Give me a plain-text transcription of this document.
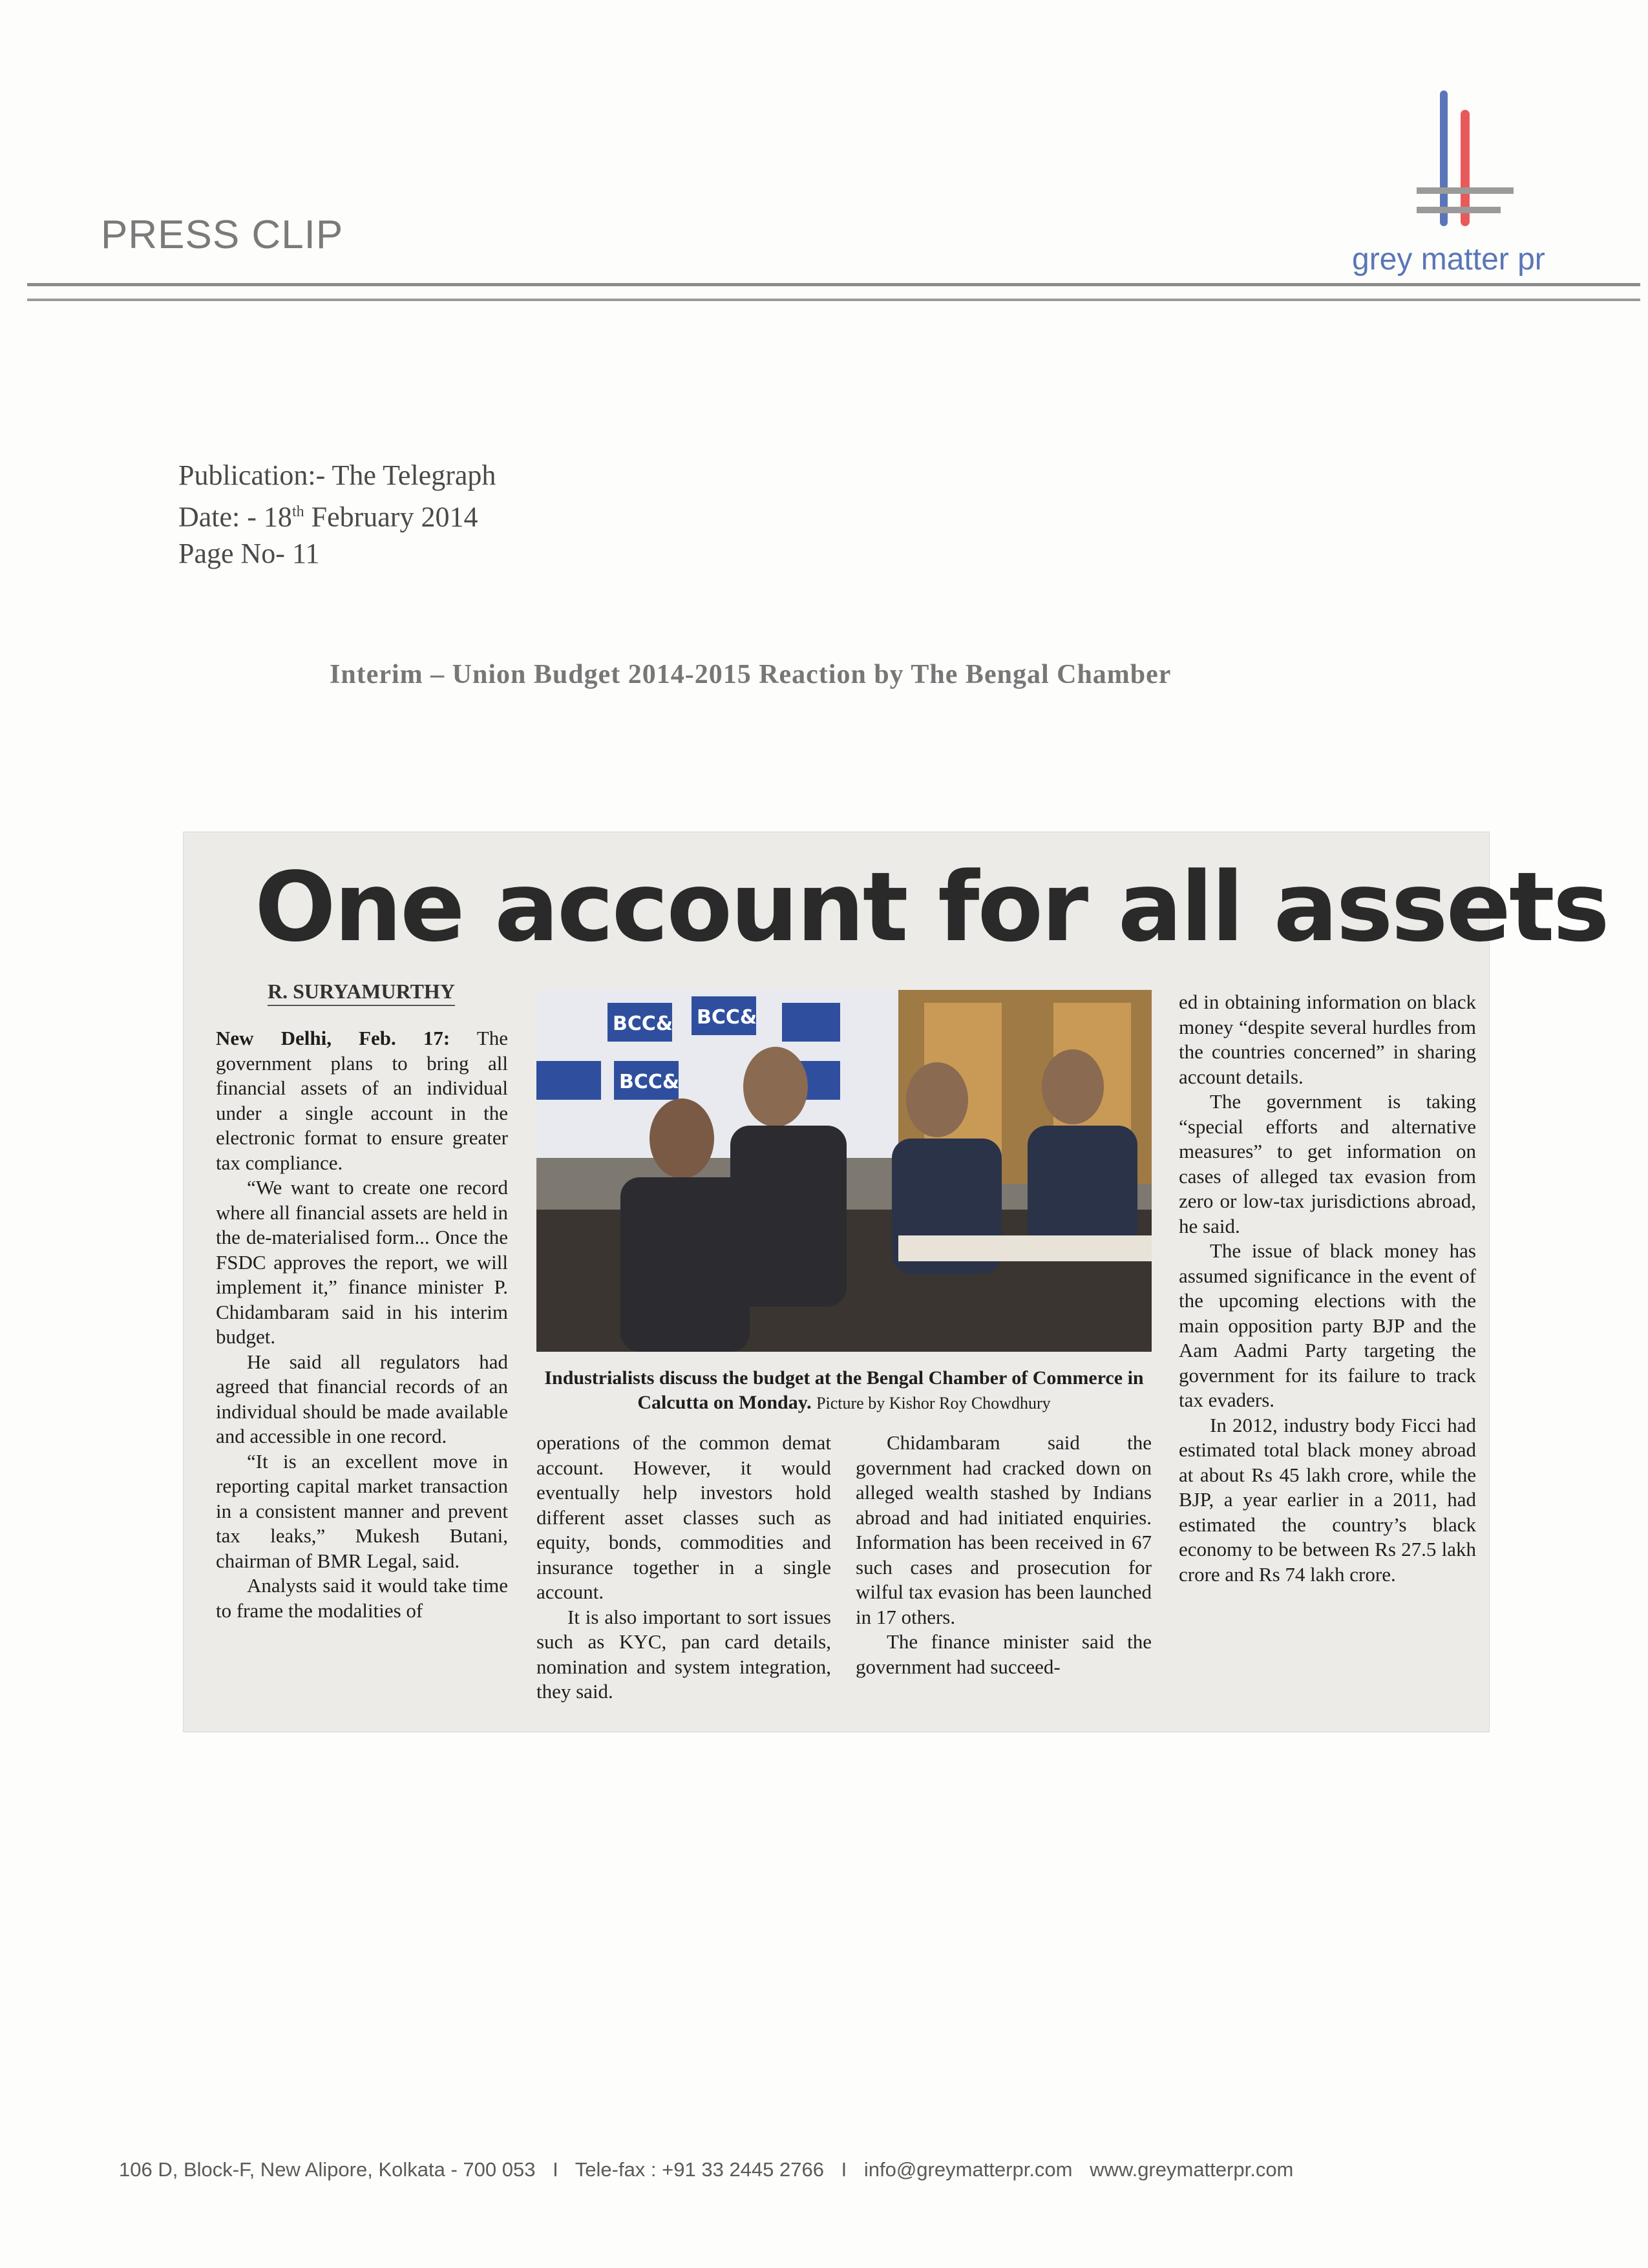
PRESS CLIP
grey matter pr
Publication:- The Telegraph
Date: - 18th February 2014
Page No- 11
Interim – Union Budget 2014-2015 Reaction by The Bengal Chamber
One account for all assets
R. SURYAMURTHY

New Delhi, Feb. 17: The government plans to bring all financial assets of an individual under a single account in the electronic format to ensure greater tax compliance.

“We want to create one record where all financial assets are held in the de-materialised form... Once the FSDC approves the report, we will implement it,” finance minister P. Chidambaram said in his interim budget.

He said all regulators had agreed that financial records of an individual should be made available and accessible in one record.

“It is an excellent move in reporting capital market transaction in a consistent manner and prevent tax leaks,” Mukesh Butani, chairman of BMR Legal, said.

Analysts said it would take time to frame the modalities of

BCC& BCC&
BCC&
Industrialists discuss the budget at the Bengal Chamber of Commerce in Calcutta on Monday. Picture by Kishor Roy Chowdhury

operations of the common demat account. However, it would eventually help investors hold different asset classes such as equity, bonds, commodities and insurance together in a single account.

It is also important to sort issues such as KYC, pan card details, nomination and system integration, they said.

Chidambaram said the government had cracked down on alleged wealth stashed by Indians abroad and had initiated enquiries. Information has been received in 67 such cases and prosecution for wilful tax evasion has been launched in 17 others.

The finance minister said the government had succeed-

ed in obtaining information on black money “despite several hurdles from the countries concerned” in sharing account details.

The government is taking “special efforts and alternative measures” to get information on cases of alleged tax evasion from zero or low-tax jurisdictions abroad, he said.

The issue of black money has assumed significance in the event of the upcoming elections with the main opposition party BJP and the Aam Aadmi Party targeting the government for its failure to track tax evaders.

In 2012, industry body Ficci had estimated total black money abroad at about Rs 45 lakh crore, while the BJP, a year earlier in a 2011, had estimated the country’s black economy to be between Rs 27.5 lakh crore and Rs 74 lakh crore.

106 D, Block-F, New Alipore, Kolkata - 700 053 I Tele-fax : +91 33 2445 2766 I info@greymatterpr.com www.greymatterpr.com
